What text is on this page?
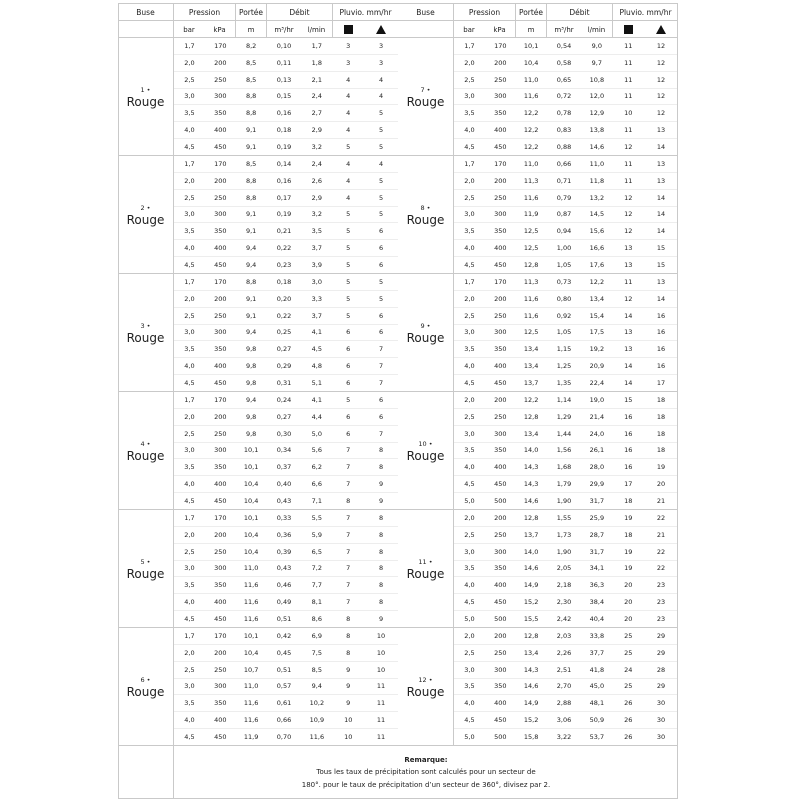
Buse	Pression	Portée	Débit	Pluvio. mm/hr
bar	kPa	m	m³/hr	l/min
1 •
Rouge
1,7	170	8,2	0,10	1,7	3	3
2,0	200	8,5	0,11	1,8	3	3
2,5	250	8,5	0,13	2,1	4	4
3,0	300	8,8	0,15	2,4	4	4
3,5	350	8,8	0,16	2,7	4	5
4,0	400	9,1	0,18	2,9	4	5
4,5	450	9,1	0,19	3,2	5	5
2 •
Rouge
1,7	170	8,5	0,14	2,4	4	4
2,0	200	8,8	0,16	2,6	4	5
2,5	250	8,8	0,17	2,9	4	5
3,0	300	9,1	0,19	3,2	5	5
3,5	350	9,1	0,21	3,5	5	6
4,0	400	9,4	0,22	3,7	5	6
4,5	450	9,4	0,23	3,9	5	6
3 •
Rouge
1,7	170	8,8	0,18	3,0	5	5
2,0	200	9,1	0,20	3,3	5	5
2,5	250	9,1	0,22	3,7	5	6
3,0	300	9,4	0,25	4,1	6	6
3,5	350	9,8	0,27	4,5	6	7
4,0	400	9,8	0,29	4,8	6	7
4,5	450	9,8	0,31	5,1	6	7
4 •
Rouge
1,7	170	9,4	0,24	4,1	5	6
2,0	200	9,8	0,27	4,4	6	6
2,5	250	9,8	0,30	5,0	6	7
3,0	300	10,1	0,34	5,6	7	8
3,5	350	10,1	0,37	6,2	7	8
4,0	400	10,4	0,40	6,6	7	9
4,5	450	10,4	0,43	7,1	8	9
5 •
Rouge
1,7	170	10,1	0,33	5,5	7	8
2,0	200	10,4	0,36	5,9	7	8
2,5	250	10,4	0,39	6,5	7	8
3,0	300	11,0	0,43	7,2	7	8
3,5	350	11,6	0,46	7,7	7	8
4,0	400	11,6	0,49	8,1	7	8
4,5	450	11,6	0,51	8,6	8	9
6 •
Rouge
1,7	170	10,1	0,42	6,9	8	10
2,0	200	10,4	0,45	7,5	8	10
2,5	250	10,7	0,51	8,5	9	10
3,0	300	11,0	0,57	9,4	9	11
3,5	350	11,6	0,61	10,2	9	11
4,0	400	11,6	0,66	10,9	10	11
4,5	450	11,9	0,70	11,6	10	11
Buse	Pression	Portée	Débit	Pluvio. mm/hr
bar	kPa	m	m³/hr	l/min
7 •
Rouge
1,7	170	10,1	0,54	9,0	11	12
2,0	200	10,4	0,58	9,7	11	12
2,5	250	11,0	0,65	10,8	11	12
3,0	300	11,6	0,72	12,0	11	12
3,5	350	12,2	0,78	12,9	10	12
4,0	400	12,2	0,83	13,8	11	13
4,5	450	12,2	0,88	14,6	12	14
8 •
Rouge
1,7	170	11,0	0,66	11,0	11	13
2,0	200	11,3	0,71	11,8	11	13
2,5	250	11,6	0,79	13,2	12	14
3,0	300	11,9	0,87	14,5	12	14
3,5	350	12,5	0,94	15,6	12	14
4,0	400	12,5	1,00	16,6	13	15
4,5	450	12,8	1,05	17,6	13	15
9 •
Rouge
1,7	170	11,3	0,73	12,2	11	13
2,0	200	11,6	0,80	13,4	12	14
2,5	250	11,6	0,92	15,4	14	16
3,0	300	12,5	1,05	17,5	13	16
3,5	350	13,4	1,15	19,2	13	16
4,0	400	13,4	1,25	20,9	14	16
4,5	450	13,7	1,35	22,4	14	17
10 •
Rouge
2,0	200	12,2	1,14	19,0	15	18
2,5	250	12,8	1,29	21,4	16	18
3,0	300	13,4	1,44	24,0	16	18
3,5	350	14,0	1,56	26,1	16	18
4,0	400	14,3	1,68	28,0	16	19
4,5	450	14,3	1,79	29,9	17	20
5,0	500	14,6	1,90	31,7	18	21
11 •
Rouge
2,0	200	12,8	1,55	25,9	19	22
2,5	250	13,7	1,73	28,7	18	21
3,0	300	14,0	1,90	31,7	19	22
3,5	350	14,6	2,05	34,1	19	22
4,0	400	14,9	2,18	36,3	20	23
4,5	450	15,2	2,30	38,4	20	23
5,0	500	15,5	2,42	40,4	20	23
12 •
Rouge
2,0	200	12,8	2,03	33,8	25	29
2,5	250	13,4	2,26	37,7	25	29
3,0	300	14,3	2,51	41,8	24	28
3,5	350	14,6	2,70	45,0	25	29
4,0	400	14,9	2,88	48,1	26	30
4,5	450	15,2	3,06	50,9	26	30
5,0	500	15,8	3,22	53,7	26	30
Remarque:
Tous les taux de précipitation sont calculés pour un secteur de
180°. pour le taux de précipitation d’un secteur de 360°, divisez par 2.
